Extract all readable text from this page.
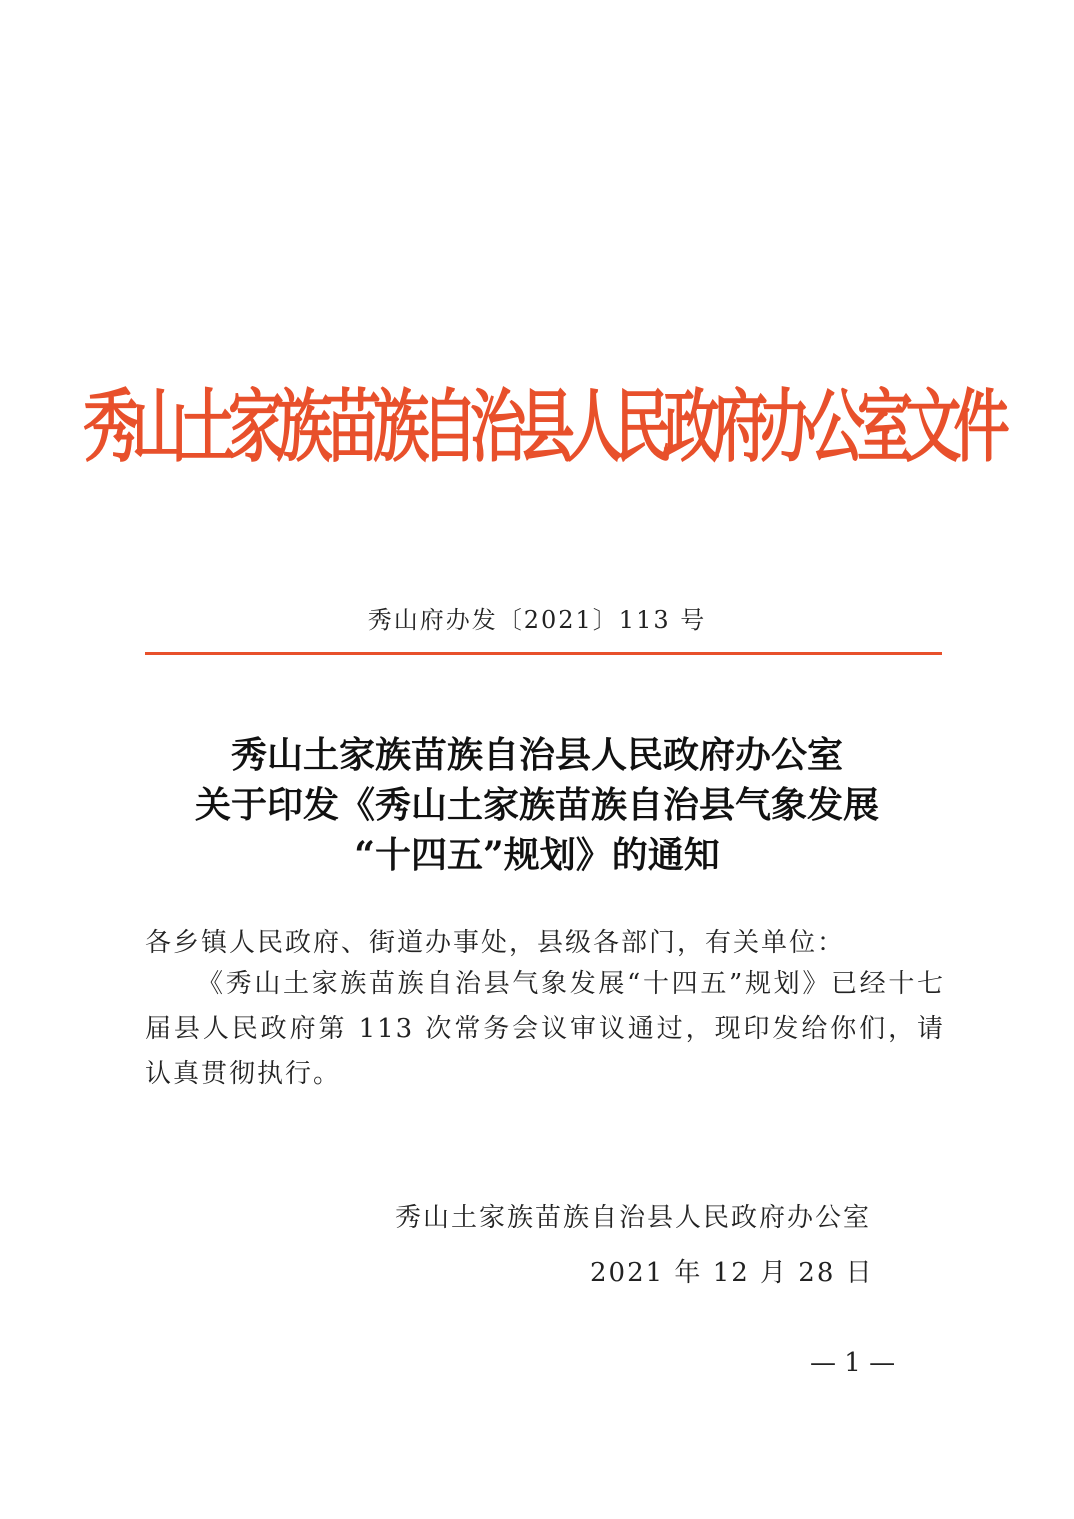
秀山土家族苗族自治县人民政府办公室文件
秀山府办发〔2021〕113 号
秀山土家族苗族自治县人民政府办公室
关于印发《秀山土家族苗族自治县气象发展
“十四五”规划》的通知
各乡镇人民政府、街道办事处，县级各部门，有关单位：
《秀山土家族苗族自治县气象发展“十四五”规划》已经十七届县人民政府第 113 次常务会议审议通过，现印发给你们，请认真贯彻执行。
秀山土家族苗族自治县人民政府办公室
2021 年 12 月 28 日
— 1 —
